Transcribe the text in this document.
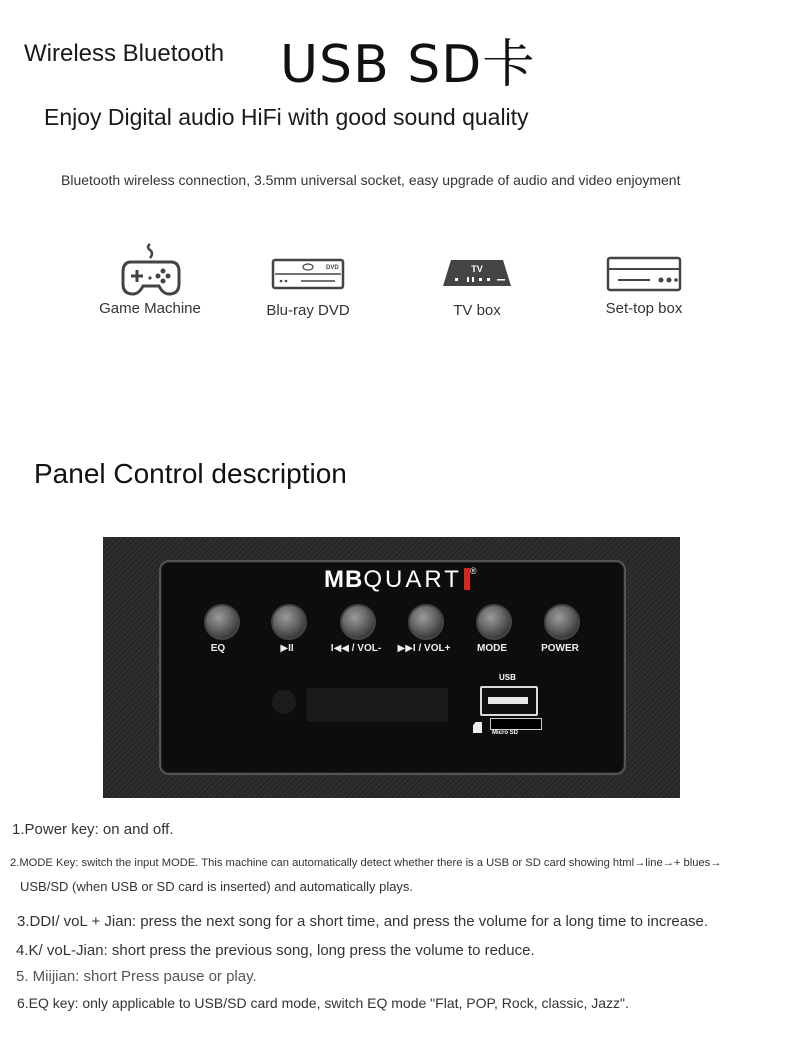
Wireless Bluetooth USB SD卡
Enjoy Digital audio HiFi with good sound quality
Bluetooth wireless connection, 3.5mm universal socket, easy upgrade of audio and video enjoyment
Game Machine
DVD
Blu-ray DVD
TV
TV box	Set-top box
Panel Control description
MBQUART ®
EQ	▶II	I◀◀ / VOL-	▶▶I / VOL+	MODE	POWER
USB
Micro SD
1.Power key: on and off.
2.MODE Key: switch the input MODE. This machine can automatically detect whether there is a USB or SD card showing html→line→+ blues→
USB/SD (when USB or SD card is inserted) and automatically plays.
3.DDI/ voL + Jian: press the next song for a short time, and press the volume for a long time to increase.
4.K/ voL-Jian: short press the previous song, long press the volume to reduce.
5. Miijian: short Press pause or play.
6.EQ key: only applicable to USB/SD card mode, switch EQ mode "Flat, POP, Rock, classic, Jazz".
